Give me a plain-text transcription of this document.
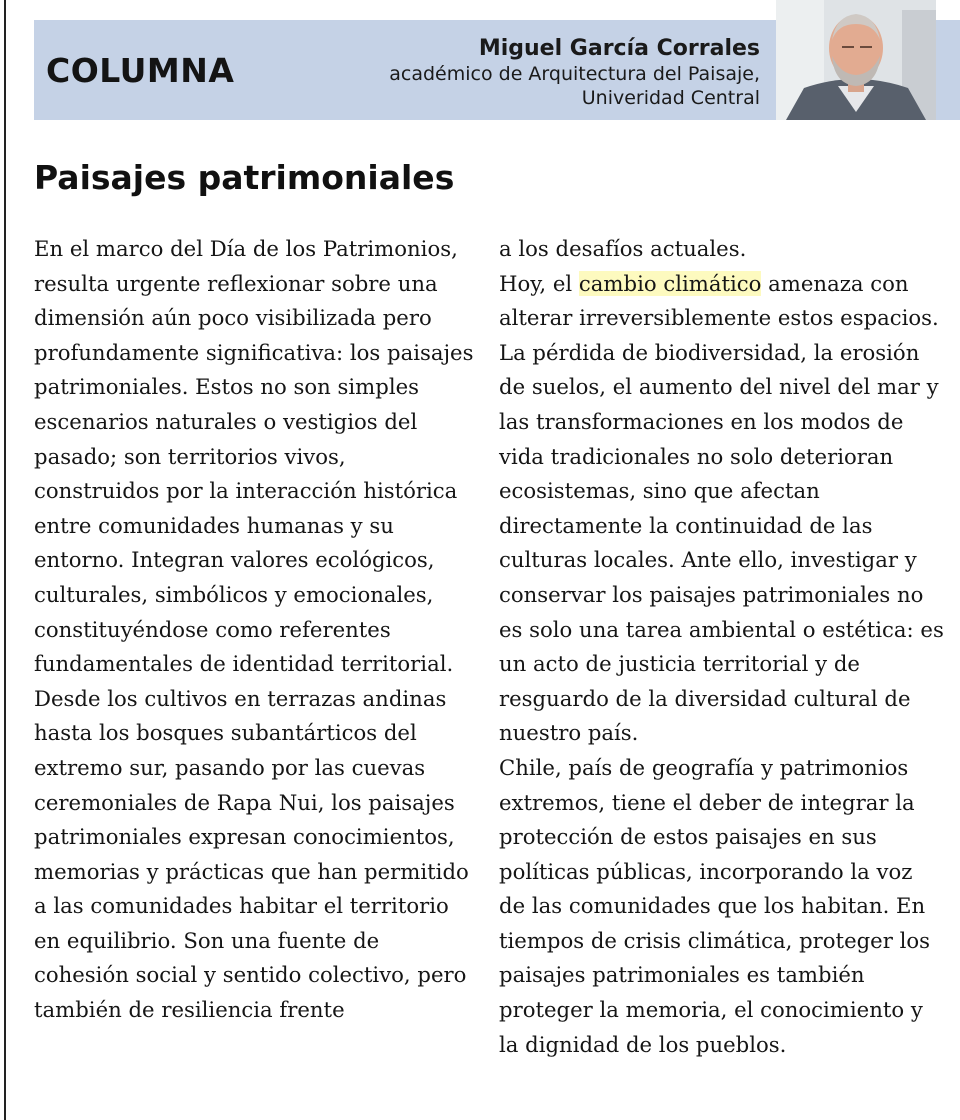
COLUMNA
Miguel García Corrales
académico de Arquitectura del Paisaje,
Univeridad Central
Paisajes patrimoniales
En el marco del Día de los Patrimonios, resulta urgente reflexionar sobre una dimensión aún poco visibilizada pero profundamente significativa: los paisajes patrimoniales. Estos no son simples escenarios naturales o vestigios del pasado; son territorios vivos, construidos por la interacción histórica entre comunidades humanas y su entorno. Integran valores ecológicos, culturales, simbólicos y emocionales, constituyéndose como referentes fundamentales de identidad territorial.
Desde los cultivos en terrazas andinas hasta los bosques subantárticos del extremo sur, pasando por las cuevas ceremoniales de Rapa Nui, los paisajes patrimoniales expresan conocimientos, memorias y prácticas que han permitido a las comunidades habitar el territorio en equilibrio. Son una fuente de cohesión social y sentido colectivo, pero también de resiliencia frente
a los desafíos actuales.
Hoy, el cambio climático amenaza con alterar irreversiblemente estos espacios. La pérdida de biodiversidad, la erosión de suelos, el aumento del nivel del mar y las transformaciones en los modos de vida tradicionales no solo deterioran ecosistemas, sino que afectan directamente la continuidad de las culturas locales. Ante ello, investigar y conservar los paisajes patrimoniales no es solo una tarea ambiental o estética: es un acto de justicia territorial y de resguardo de la diversidad cultural de nuestro país.
Chile, país de geografía y patrimonios extremos, tiene el deber de integrar la protección de estos paisajes en sus políticas públicas, incorporando la voz de las comunidades que los habitan. En tiempos de crisis climática, proteger los paisajes patrimoniales es también proteger la memoria, el conocimiento y la dignidad de los pueblos.
